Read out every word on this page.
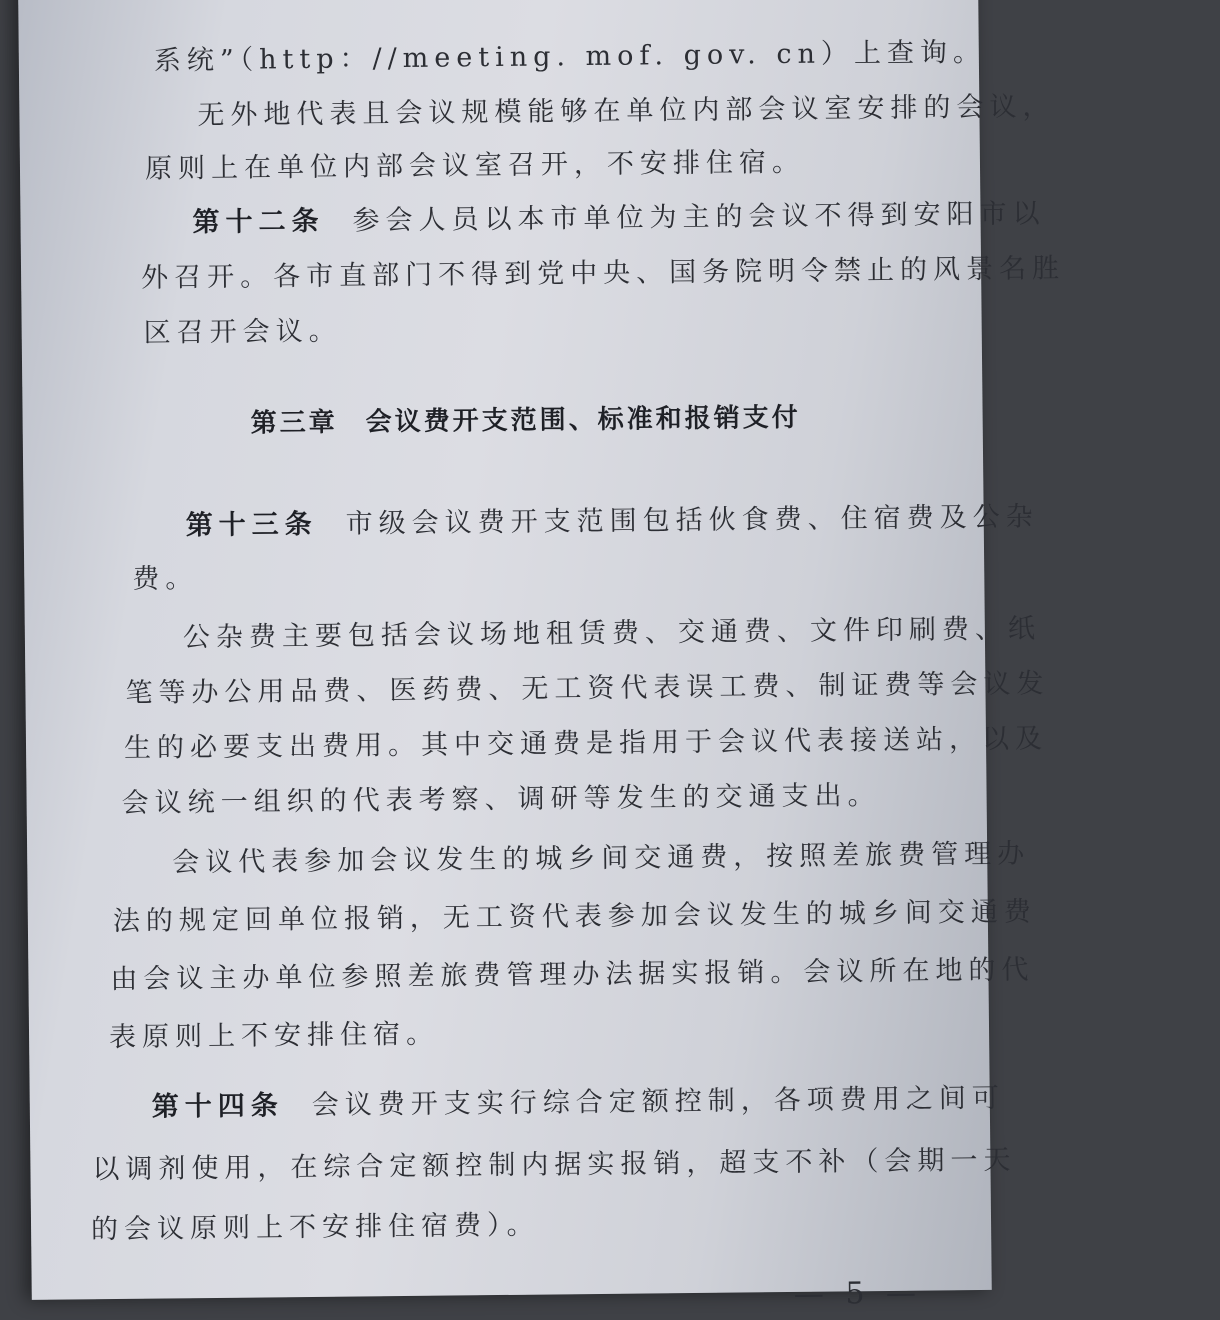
系统”（http：//meeting. mof. gov. cn）上查询。
无外地代表且会议规模能够在单位内部会议室安排的会议，
原则上在单位内部会议室召开，不安排住宿。
第十二条 参会人员以本市单位为主的会议不得到安阳市以
外召开。各市直部门不得到党中央、国务院明令禁止的风景名胜
区召开会议。
第三章 会议费开支范围、标准和报销支付
第十三条 市级会议费开支范围包括伙食费、住宿费及公杂
费。
公杂费主要包括会议场地租赁费、交通费、文件印刷费、纸
笔等办公用品费、医药费、无工资代表误工费、制证费等会议发
生的必要支出费用。其中交通费是指用于会议代表接送站，以及
会议统一组织的代表考察、调研等发生的交通支出。
会议代表参加会议发生的城乡间交通费，按照差旅费管理办
法的规定回单位报销，无工资代表参加会议发生的城乡间交通费
由会议主办单位参照差旅费管理办法据实报销。会议所在地的代
表原则上不安排住宿。
第十四条 会议费开支实行综合定额控制，各项费用之间可
以调剂使用，在综合定额控制内据实报销，超支不补（会期一天
的会议原则上不安排住宿费）。
— 5 —
